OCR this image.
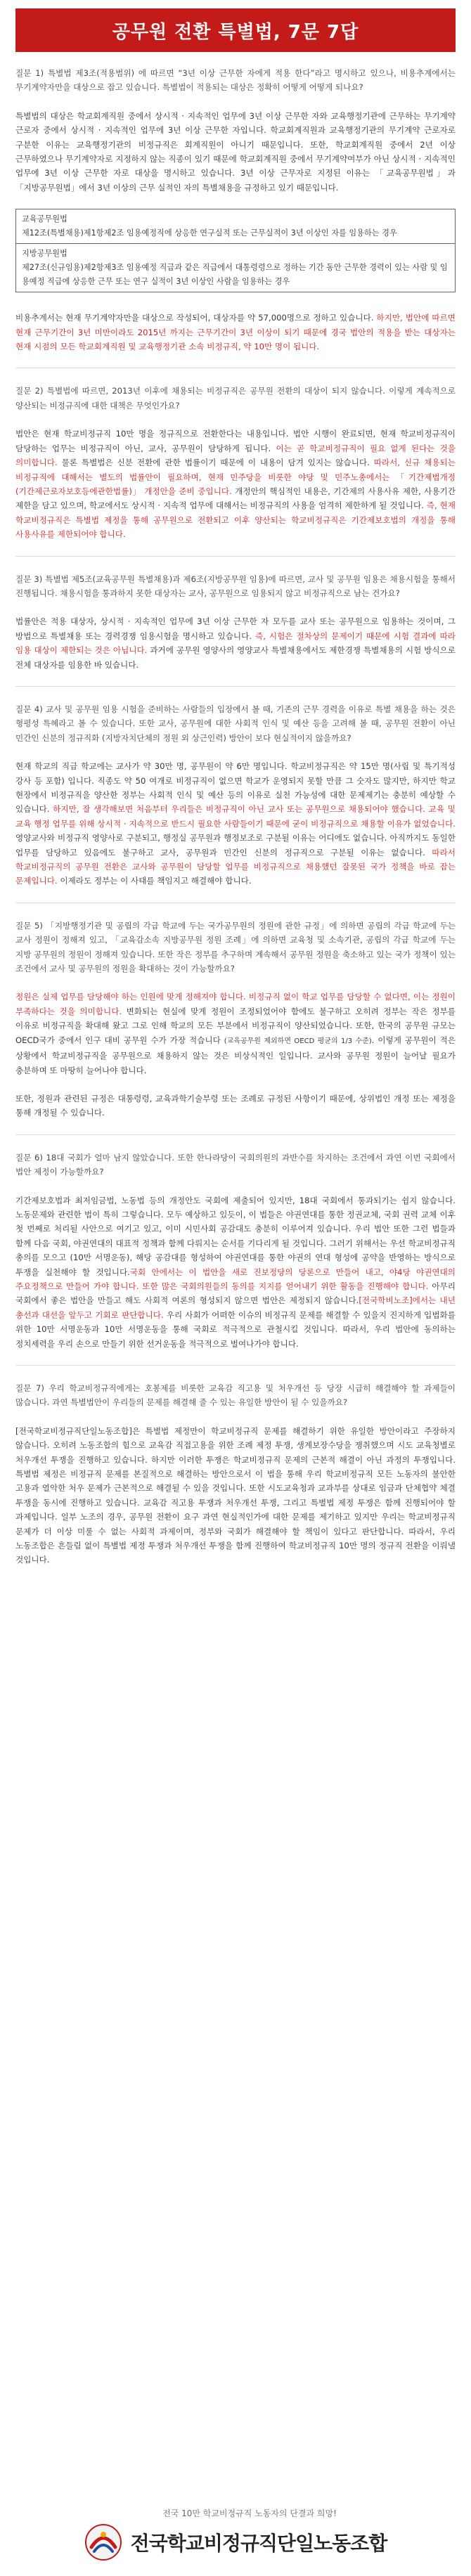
공무원 전환 특별법, 7문 7답

질문 1) 특별법 제3조(적용범위) 에 따르면 “3년 이상 근무한 자에게 적용 한다”라고 명시하고 있으나, 비용추계에서는 무기계약자만을 대상으로 잡고 있습니다. 특별법이 적용되는 대상은 정확히 어떻게 어떻게 되나요?

특별법의 대상은 학교회계직원 중에서 상시적 · 지속적인 업무에 3년 이상 근무한 자와 교육행정기관에 근무하는 무기계약 근로자 중에서 상시적 · 지속적인 업무에 3년 이상 근무한 자입니다. 학교회계직원과 교육행정기관의 무기계약 근로자로 구분한 이유는 교육행정기관의 비정규직은 회계직원이 아니기 때문입니다. 또한, 학교회계직원 중에서 2년 이상 근무하였으나 무기계약자로 지정하지 않는 직종이 있기 때문에 학교회계직원 중에서 무기계약여부가 아닌 상시적 · 지속적인 업무에 3년 이상 근무한 자로 대상을 명시하고 있습니다. 3년 이상 근무자로 지정된 이유는 「교육공무원법」과 「지방공무원법」에서 3년 이상의 근무 실적인 자의 특별채용을 규정하고 있기 때문입니다.

교육공무원법
제12조(특별채용)제1항제2조 임용예정직에 상응한 연구실적 또는 근무실적이 3년 이상인 자를 임용하는 경우
지방공무원법
제27조(신규임용)제2항제3조 임용예정 직급과 같은 직급에서 대통령령으로 정하는 기간 동안 근무한 경력이 있는 사람 및 임용예정 직급에 상응한 근무 또는 연구 실적이 3년 이상인 사람을 임용하는 경우

비용추계서는 현재 무기계약자만을 대상으로 작성되어, 대상자를 약 57,000명으로 정하고 있습니다. 하지만, 법안에 따르면 현재 근무기간이 3년 미만이라도 2015년 까지는 근무기간이 3년 이상이 되기 때문에 경국 법안의 적용을 받는 대상자는 현재 시점의 모든 학교회계직원 및 교육행정기관 소속 비정규직, 약 10만 명이 됩니다.

질문 2) 특별법에 따르면, 2013년 이후에 채용되는 비정규직은 공무원 전환의 대상이 되지 않습니다. 이렇게 계속적으로 양산되는 비정규직에 대한 대책은 무엇인가요?

법안은 현재 학교비정규직 10만 명을 정규직으로 전환한다는 내용입니다. 법안 시행이 완료되면, 현재 학교비정규직이 담당하는 업무는 비정규직이 아닌, 교사, 공무원이 담당하게 됩니다. 이는 곧 학교비정규직이 필요 없게 된다는 것을 의미합니다. 물론 특별법은 신분 전환에 관한 법률이기 때문에 이 내용이 담겨 있지는 않습니다. 따라서, 신규 채용되는 비정규직에 대해서는 별도의 법률안이 필요하며, 현재 민주당을 비롯한 야당 및 민주노총에서는 「기간제법개정(기간제근로자보호등에관한법률)」 개정안을 준비 중입니다. 개정안의 핵심적인 내용은, 기간제의 사용사유 제한, 사용기간 제한을 담고 있으며, 학교에서도 상시적 · 지속적 업무에 대해서는 비정규직의 사용을 엄격히 제한하게 될 것입니다. 즉, 현재 학교비정규직은 특별법 제정을 통해 공무원으로 전환되고 이후 양산되는 학교비정규직은 기간제보호법의 개정을 통해 사용사유를 제한되어야 합니다.

질문 3) 특별법 제5조(교육공무원 특별채용)과 제6조(지방공무원 임용)에 따르면, 교사 및 공무원 임용은 채용시험을 통해서 진행됩니다. 채용시험을 통과하지 못한 대상자는 교사, 공무원으로 임용되지 않고 비정규직으로 남는 건가요?

법률안은 적용 대상자, 상시적 · 지속적인 업무에 3년 이상 근무한 자 모두를 교사 또는 공무원으로 임용하는 것이며, 그 방법으로 특별채용 또는 경력경쟁 임용시험을 명시하고 있습니다. 즉, 시험은 절차상의 문제이기 때문에 시험 결과에 따라 임용 대상이 제한되는 것은 아닙니다. 과거에 공무원 영양사의 영양교사 특별채용에서도 제한경쟁 특별채용의 시험 방식으로 전체 대상자를 임용한 바 있습니다.

질문 4) 교사 및 공무원 임용 시험을 준비하는 사람들의 입장에서 볼 때, 기존의 근무 경력을 이유로 특별 채용을 하는 것은 형평성 특혜라고 볼 수 있습니다. 또한 교사, 공무원에 대한 사회적 인식 및 예산 등을 고려해 볼 때, 공무원 전환이 아닌 민간인 신분의 정규직화 (지방자치단체의 정원 외 상근인력) 방안이 보다 현실적이지 않을까요?

현재 학교의 직급 학교에는 교사가 약 30만 명, 공무원이 약 6만 명입니다. 학교비정규직은 약 15만 명(사립 및 특기적성 강사 등 포함) 입니다. 직종도 약 50 여개로 비정규직이 없으면 학교가 운영되지 못할 만큼 그 숫자도 많지만, 하지만 학교 현장에서 비정규직을 양산한 정부는 사회적 인식 및 예산 등의 이유로 실천 가능성에 대한 문제제기는 충분히 예상할 수 있습니다. 하지만, 잘 생각해보면 처음부터 우리들은 비정규직이 아닌 교사 또는 공무원으로 채용되어야 했습니다. 교육 및 교육 행정 업무를 위해 상시적 · 지속적으로 반드시 필요한 사람들이기 때문에 굳이 비정규직으로 채용할 이유가 없었습니다. 영양교사와 비정규직 영양사로 구분되고, 행정실 공무원과 행정보조로 구분될 이유는 어디에도 없습니다. 아직까지도 동일한 업무를 담당하고 있음에도 불구하고 교사, 공무원과 민간인 신분의 정규직으로 구분될 이유는 없습니다. 따라서 학교비정규직의 공무원 전환은 교사와 공무원이 담당할 업무를 비정규직으로 채용했던 잘못된 국가 정책을 바로 잡는 문제입니다. 이제라도 정부는 이 사태를 책임지고 해결해야 합니다.

질문 5) 「지방행정기관 및 공립의 각급 학교에 두는 국가공무원의 정원에 관한 규정」에 의하면 공립의 각급 학교에 두는 교사 정원이 정해져 있고, 「교육감소속 지방공무원 정원 조례」에 의하면 교육청 및 소속기관, 공립의 각급 학교에 두는 지방 공무원의 정원이 정해져 있습니다. 또한 작은 정부를 추구하며 계속해서 공무원 정원을 축소하고 있는 국가 정책이 있는 조건에서 교사 및 공무원의 정원을 확대하는 것이 가능할까요?

정원은 실제 업무를 담당해야 하는 인원에 맞게 정해져야 합니다. 비정규직 없이 학교 업무를 담당할 수 없다면, 이는 정원이 부족하다는 것을 의미합니다. 변화되는 현실에 맞게 정원이 조정되었어야 함에도 불구하고 오히려 정부는 작은 정부를 이유로 비정규직을 확대해 왔고 그로 인해 학교의 모든 부분에서 비정규직이 양산되었습니다. 또한, 한국의 공무원 규모는 OECD국가 중에서 인구 대비 공무원 수가 가장 적습니다 (교육공무원 제외하면 OECD 평균의 1/3 수준). 이렇게 공무원이 적은 상황에서 학교비정규직을 공무원으로 채용하지 않는 것은 비상식적인 일입니다. 교사와 공무원 정원이 늘어날 필요가 충분하며 또 마땅히 늘어나야 합니다.

또한, 정원과 관련된 규정은 대통령령, 교육과학기술부령 또는 조례로 규정된 사항이기 때문에, 상위법인 개정 또는 제정을 통해 개정될 수 있습니다.

질문 6) 18대 국회가 얼마 남지 않았습니다. 또한 한나라당이 국회의원의 과반수를 차지하는 조건에서 과연 이번 국회에서 법안 제정이 가능할까요?

기간제보호법과 최저임금법, 노동법 등의 개정안도 국회에 제출되어 있지만, 18대 국회에서 통과되기는 쉽지 않습니다. 노동문제와 관련한 법이 특히 그렇습니다. 모두 예상하고 있듯이, 이 법들은 야권연대를 통한 정권교체, 국회 권력 교체 이후 첫 번째로 처리될 사안으로 여기고 있고, 이미 시민사회 공감대도 충분히 이루어져 있습니다. 우리 법안 또한 그런 법들과 함께 다음 국회, 야권연대의 대표적 정책과 함께 다뤄지는 순서를 기다리게 될 것입니다. 그러기 위해서는 우선 학교비정규직 총의를 모으고 (10만 서명운동), 해당 공감대를 형성하여 야권연대를 통한 야권의 연대 형성에 공약을 반영하는 방식으로 투쟁을 실천해야 할 것입니다.국회 안에서는 이 법안을 새로 진보정당의 당론으로 만들어 내고, 야4당 야권연대의 주요정책으로 만들어 가야 합니다. 또한 많은 국회의원들의 동의를 지지를 얻어내기 위한 활동을 진행해야 합니다. 아무리 국회에서 좋은 법안을 만들고 해도 사회적 여론의 형성되지 않으면 법안은 제정되지 않습니다.[전국학비노조]에서는 내년 총선과 대선을 앞두고 기회로 판단합니다. 우리 사회가 어떠한 이슈의 비정규직 문제를 해결할 수 있을지 진지하게 입법화를 위한 10만 서명운동과 10만 서명운동을 통해 국회로 적극적으로 관철시킬 것입니다. 따라서, 우리 법안에 동의하는 정치세력을 우리 손으로 만들기 위한 선거운동을 적극적으로 벌여나가야 합니다.

질문 7) 우리 학교비정규직에게는 호봉제를 비롯한 교육감 직고용 및 처우개선 등 당장 시급히 해결해야 할 과제들이 많습니다. 과연 특별법안이 우리들의 문제를 해결해 줄 수 있는 유일한 방안이 될 수 있을까요?

[전국학교비정규직단일노동조합]은 특별법 제정만이 학교비정규직 문제를 해결하기 위한 유일한 방안이라고 주장하지 않습니다. 오히려 노동조합의 힘으로 교육감 직접고용을 위한 조례 제정 투쟁, 생계보장수당을 쟁취했으며 시도 교육청별로 처우개선 투쟁을 진행하고 있습니다. 하지만 이러한 투쟁은 학교비정규직 문제의 근본적 해결이 아닌 과정의 투쟁입니다. 특별법 제정은 비정규직 문제를 본질적으로 해결하는 방안으로서 이 법을 통해 우리 학교비정규직 모든 노동자의 불안한 고용과 열악한 처우 문제가 근본적으로 해결될 수 있을 것입니다. 또한 시도교육청과 교과부를 상대로 임금과 단체협약 체결 투쟁을 동시에 진행하고 있습니다. 교육감 직고용 투쟁과 처우개선 투쟁, 그리고 특별법 제정 투쟁은 함께 진행되어야 할 과제입니다. 일부 노조의 경우, 공무원 전환이 요구 과연 현실적인가에 대한 문제를 제기하고 있지만 우리는 학교비정규직 문제가 더 이상 미룰 수 없는 사회적 과제이며, 정부와 국회가 해결해야 할 책임이 있다고 판단합니다. 따라서, 우리 노동조합은 흔들림 없이 특별법 제정 투쟁과 처우개선 투쟁을 함께 진행하여 학교비정규직 10만 명의 정규직 전환을 이뤄낼 것입니다.

전국 10만 학교비정규직 노동자의 단결과 희망!
전국학교비정규직단일노동조합
